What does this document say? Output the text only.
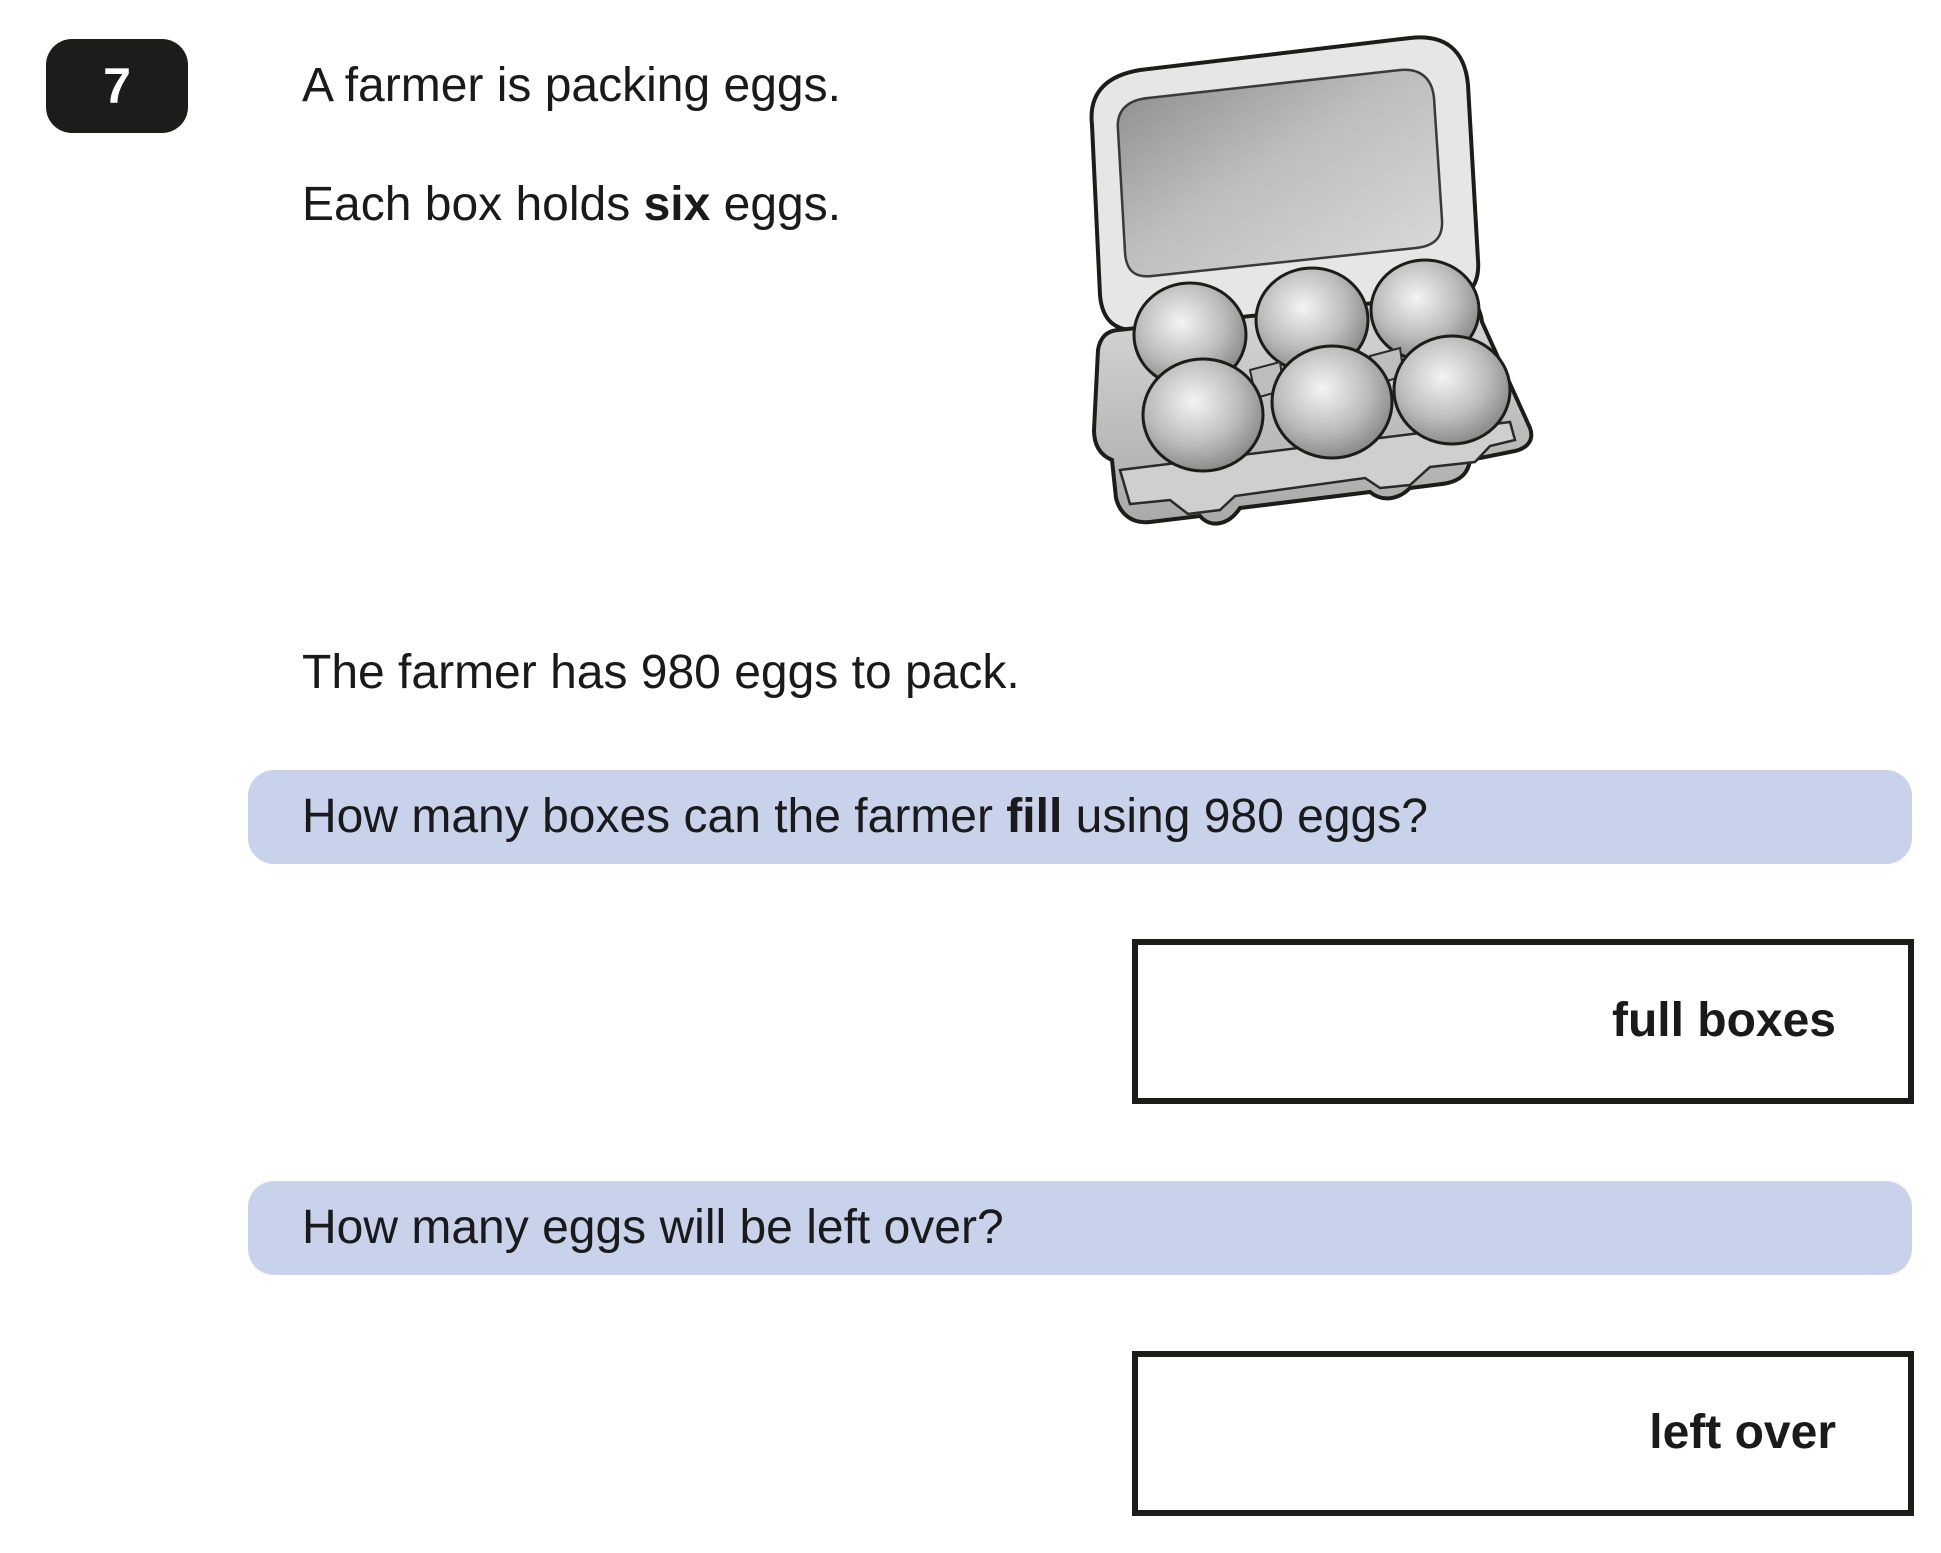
7	A farmer is packing eggs.
Each box holds six eggs.
The farmer has 980 eggs to pack.
How many boxes can the farmer fill using 980 eggs?
full boxes
How many eggs will be left over?
left over
